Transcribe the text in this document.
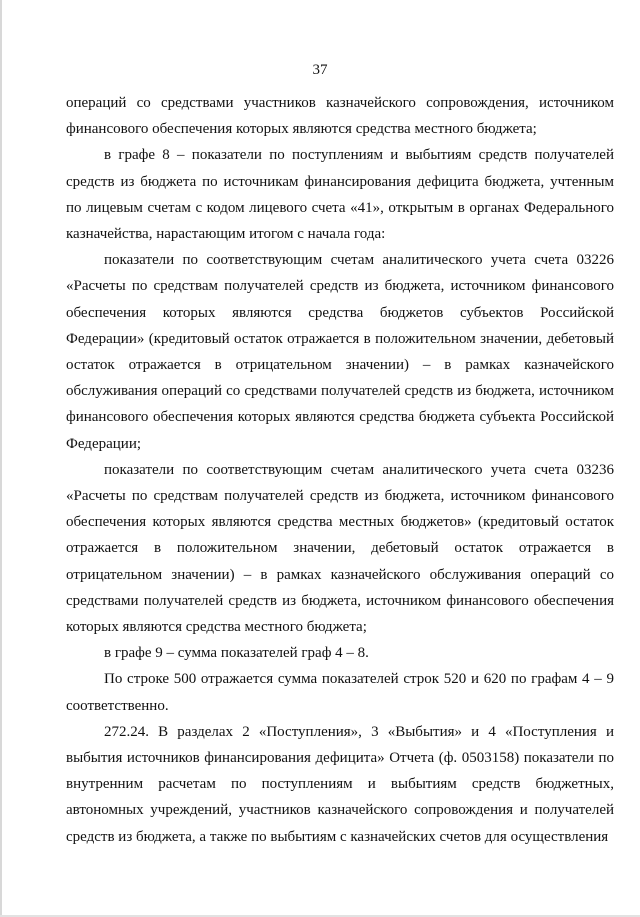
37

операций со средствами участников казначейского сопровождения, источником финансового обеспечения которых являются средства местного бюджета;

в графе 8 – показатели по поступлениям и выбытиям средств получателей средств из бюджета по источникам финансирования дефицита бюджета, учтенным по лицевым счетам с кодом лицевого счета «41», открытым в органах Федерального казначейства, нарастающим итогом с начала года:

показатели по соответствующим счетам аналитического учета счета 03226 «Расчеты по средствам получателей средств из бюджета, источником финансового обеспечения которых являются средства бюджетов субъектов Российской Федерации» (кредитовый остаток отражается в положительном значении, дебетовый остаток отражается в отрицательном значении) – в рамках казначейского обслуживания операций со средствами получателей средств из бюджета, источником финансового обеспечения которых являются средства бюджета субъекта Российской Федерации;

показатели по соответствующим счетам аналитического учета счета 03236 «Расчеты по средствам получателей средств из бюджета, источником финансового обеспечения которых являются средства местных бюджетов» (кредитовый остаток отражается в положительном значении, дебетовый остаток отражается в отрицательном значении) – в рамках казначейского обслуживания операций со средствами получателей средств из бюджета, источником финансового обеспечения которых являются средства местного бюджета;

в графе 9 – сумма показателей граф 4 – 8.

По строке 500 отражается сумма показателей строк 520 и 620 по графам 4 – 9 соответственно.

272.24. В разделах 2 «Поступления», 3 «Выбытия» и 4 «Поступления и выбытия источников финансирования дефицита» Отчета (ф. 0503158) показатели по внутренним расчетам по поступлениям и выбытиям средств бюджетных, автономных учреждений, участников казначейского сопровождения и получателей средств из бюджета, а также по выбытиям с казначейских счетов для осуществления
